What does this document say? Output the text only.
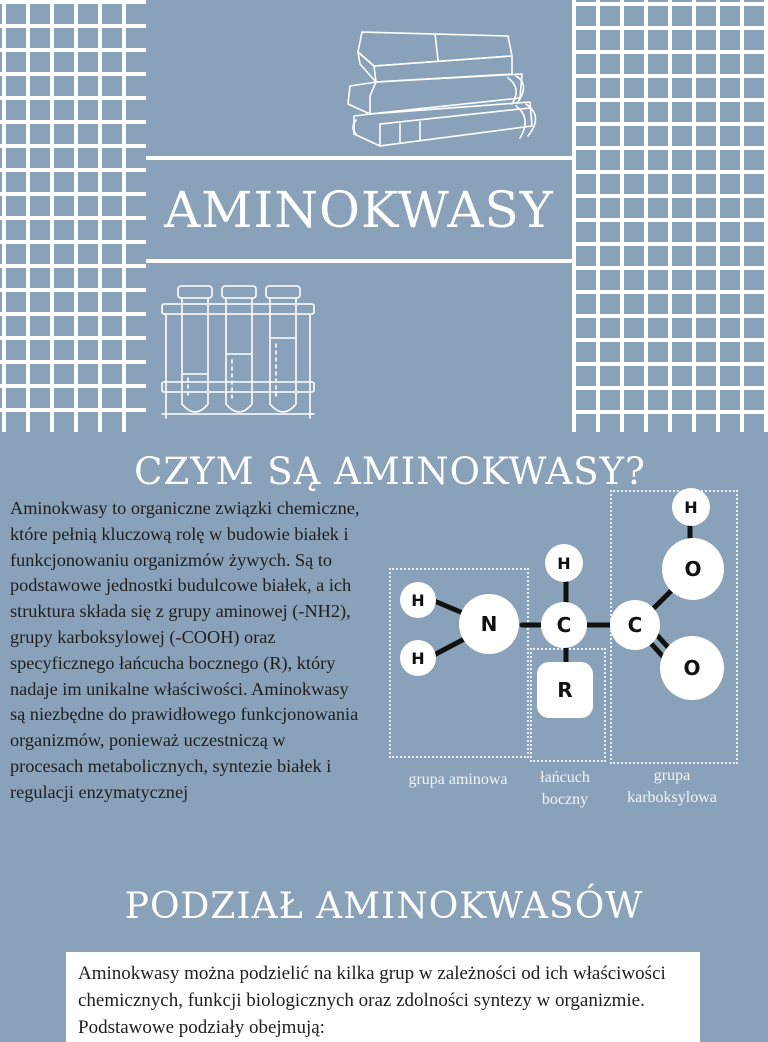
AMINOKWASY
CZYM SĄ AMINOKWASY?

Aminokwasy to organiczne związki chemiczne, które pełnią kluczową rolę w budowie białek i funkcjonowaniu organizmów żywych. Są to podstawowe jednostki budulcowe białek, a ich struktura składa się z grupy aminowej (-NH2), grupy karboksylowej (-COOH) oraz specyficznego łańcucha bocznego (R), który nadaje im unikalne właściwości. Aminokwasy są niezbędne do prawidłowego funkcjonowania organizmów, ponieważ uczestniczą w procesach metabolicznych, syntezie białek i regulacji enzymatycznej

H
H
N
H
C
R
C
H
O
O
grupa aminowa	łańcuch
boczny
grupa
karboksylowa
PODZIAŁ AMINOKWASÓW

Aminokwasy można podzielić na kilka grup w zależności od ich właściwości chemicznych, funkcji biologicznych oraz zdolności syntezy w organizmie. Podstawowe podziały obejmują:
